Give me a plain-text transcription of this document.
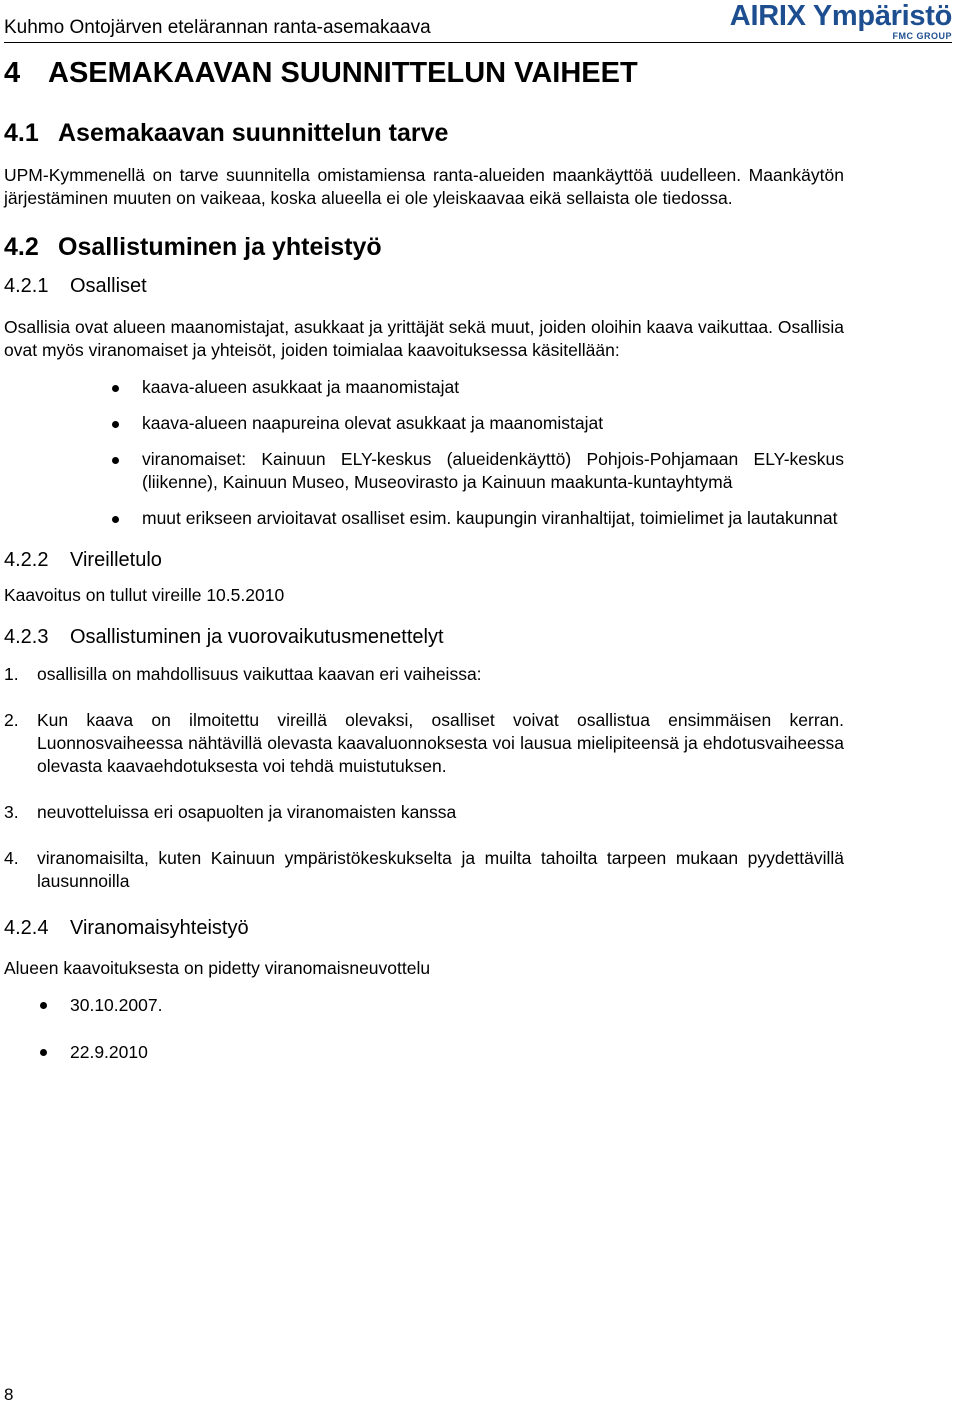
Kuhmo Ontojärven etelärannan ranta-asemakaava	AIRIX Ympäristö
FMC GROUP
4 ASEMAKAAVAN SUUNNITTELUN VAIHEET
4.1 Asemakaavan suunnittelun tarve

UPM-Kymmenellä on tarve suunnitella omistamiensa ranta-alueiden maankäyttöä uudelleen. Maankäytön järjestäminen muuten on vaikeaa, koska alueella ei ole yleiskaavaa eikä sellaista ole tiedossa.

4.2 Osallistuminen ja yhteistyö
4.2.1 Osalliset

Osallisia ovat alueen maanomistajat, asukkaat ja yrittäjät sekä muut, joiden oloihin kaava vaikuttaa. Osallisia ovat myös viranomaiset ja yhteisöt, joiden toimialaa kaavoituksessa käsitellään:

kaava-alueen asukkaat ja maanomistajat
kaava-alueen naapureina olevat asukkaat ja maanomistajat
viranomaiset: Kainuun ELY-keskus (alueidenkäyttö) Pohjois-Pohjamaan ELY-keskus (liikenne), Kainuun Museo, Museovirasto ja Kainuun maakunta-kuntayhtymä
muut erikseen arvioitavat osalliset esim. kaupungin viranhaltijat, toimielimet ja lautakunnat
4.2.2 Vireilletulo

Kaavoitus on tullut vireille 10.5.2010

4.2.3 Osallistuminen ja vuorovaikutusmenettelyt
1. osallisilla on mahdollisuus vaikuttaa kaavan eri vaiheissa:
2. Kun kaava on ilmoitettu vireillä olevaksi, osalliset voivat osallistua ensimmäisen kerran. Luonnosvaiheessa nähtävillä olevasta kaavaluonnoksesta voi lausua mielipiteensä ja ehdotusvaiheessa olevasta kaavaehdotuksesta voi tehdä muistutuksen.
3. neuvotteluissa eri osapuolten ja viranomaisten kanssa
4. viranomaisilta, kuten Kainuun ympäristökeskukselta ja muilta tahoilta tarpeen mukaan pyydettävillä lausunnoilla
4.2.4 Viranomaisyhteistyö

Alueen kaavoituksesta on pidetty viranomaisneuvottelu

30.10.2007.
22.9.2010
8
